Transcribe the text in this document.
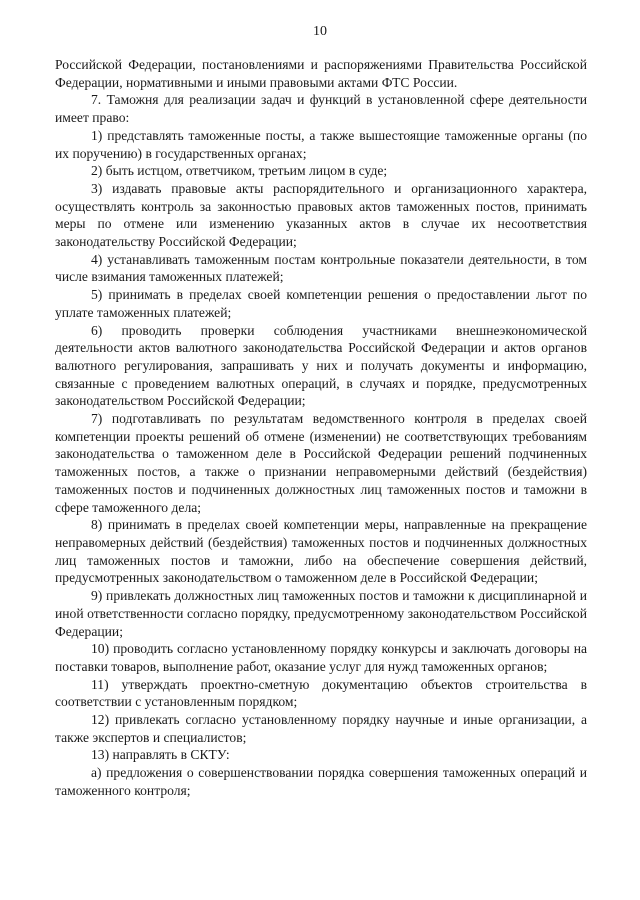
10

Российской Федерации, постановлениями и распоряжениями Правительства Российской Федерации, нормативными и иными правовыми актами ФТС России.

7. Таможня для реализации задач и функций в установленной сфере деятельности имеет право:

1) представлять таможенные посты, а также вышестоящие таможенные органы (по их поручению) в государственных органах;

2) быть истцом, ответчиком, третьим лицом в суде;

3) издавать правовые акты распорядительного и организационного характера, осуществлять контроль за законностью правовых актов таможенных постов, принимать меры по отмене или изменению указанных актов в случае их несоответствия законодательству Российской Федерации;

4) устанавливать таможенным постам контрольные показатели деятельности, в том числе взимания таможенных платежей;

5) принимать в пределах своей компетенции решения о предоставлении льгот по уплате таможенных платежей;

6) проводить проверки соблюдения участниками внешнеэкономической деятельности актов валютного законодательства Российской Федерации и актов органов валютного регулирования, запрашивать у них и получать документы и информацию, связанные с проведением валютных операций, в случаях и порядке, предусмотренных законодательством Российской Федерации;

7) подготавливать по результатам ведомственного контроля в пределах своей компетенции проекты решений об отмене (изменении) не соответствующих требованиям законодательства о таможенном деле в Российской Федерации решений подчиненных таможенных постов, а также о признании неправомерными действий (бездействия) таможенных постов и подчиненных должностных лиц таможенных постов и таможни в сфере таможенного дела;

8) принимать в пределах своей компетенции меры, направленные на прекращение неправомерных действий (бездействия) таможенных постов и подчиненных должностных лиц таможенных постов и таможни, либо на обеспечение совершения действий, предусмотренных законодательством о таможенном деле в Российской Федерации;

9) привлекать должностных лиц таможенных постов и таможни к дисциплинарной и иной ответственности согласно порядку, предусмотренному законодательством Российской Федерации;

10) проводить согласно установленному порядку конкурсы и заключать договоры на поставки товаров, выполнение работ, оказание услуг для нужд таможенных органов;

11) утверждать проектно-сметную документацию объектов строительства в соответствии с установленным порядком;

12) привлекать согласно установленному порядку научные и иные организации, а также экспертов и специалистов;

13) направлять в СКТУ:

а) предложения о совершенствовании порядка совершения таможенных операций и таможенного контроля;
